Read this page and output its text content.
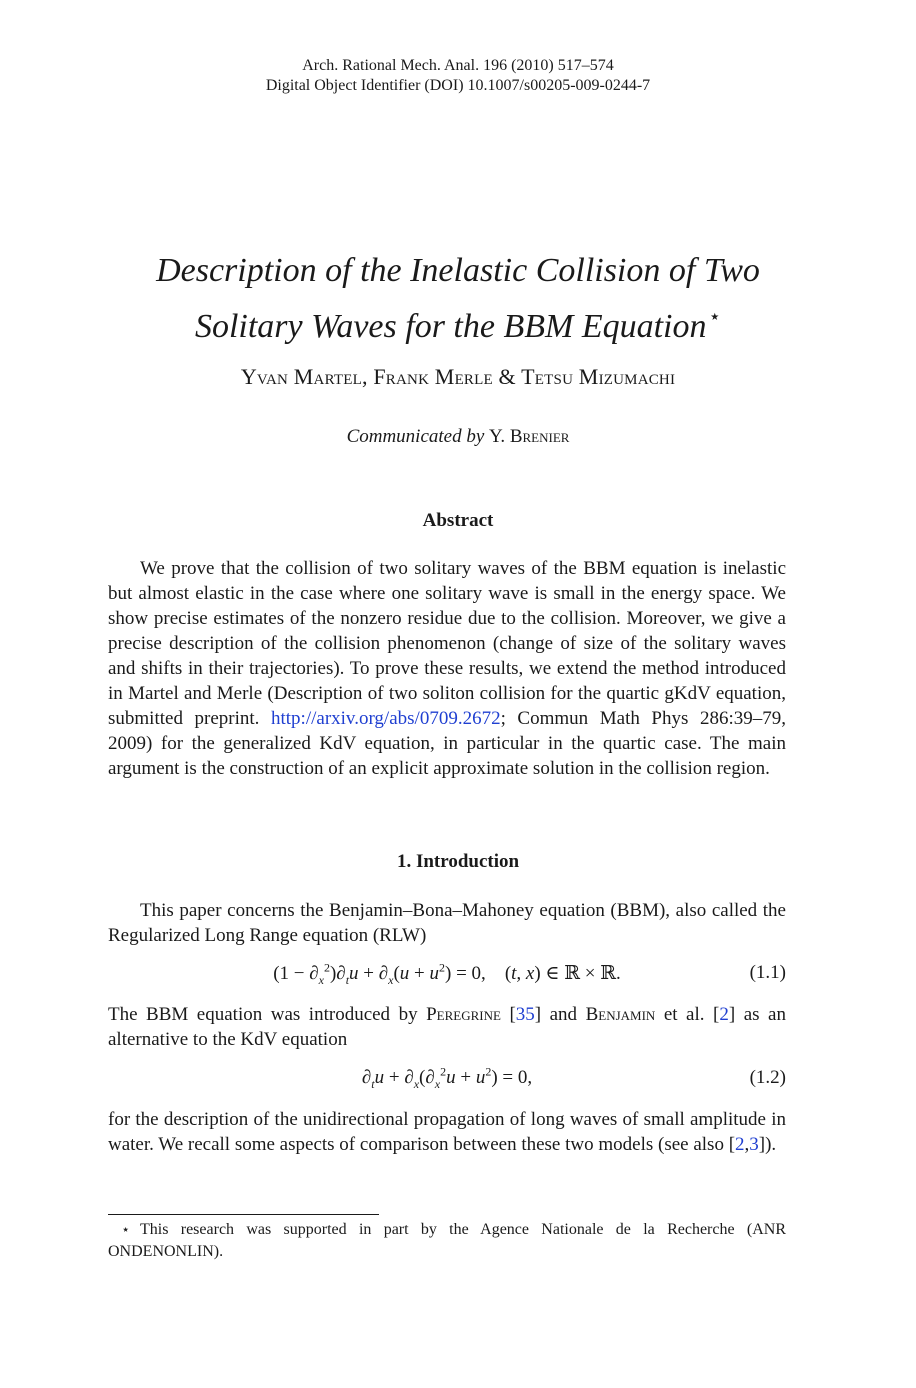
Arch. Rational Mech. Anal. 196 (2010) 517–574
Digital Object Identifier (DOI) 10.1007/s00205-009-0244-7
Description of the Inelastic Collision of Two
Solitary Waves for the BBM Equation ⋆
Yvan Martel, Frank Merle & Tetsu Mizumachi
Communicated by Y. Brenier
Abstract

We prove that the collision of two solitary waves of the BBM equation is inelastic but almost elastic in the case where one solitary wave is small in the energy space. We show precise estimates of the nonzero residue due to the collision. Moreover, we give a precise description of the collision phenomenon (change of size of the solitary waves and shifts in their trajectories). To prove these results, we extend the method introduced in Martel and Merle (Description of two soliton collision for the quartic gKdV equation, submitted preprint. http://arxiv.org/abs/0709.2672; Commun Math Phys 286:39–79, 2009) for the generalized KdV equation, in particular in the quartic case. The main argument is the construction of an explicit approximate solution in the collision region.

1. Introduction

This paper concerns the Benjamin–Bona–Mahoney equation (BBM), also called the Regularized Long Range equation (RLW)

$(1 - \partial_x^2)\partial_tu + \partial_x(u + u^2) = 0$, (t, x) ∈ ℝ × ℝ.	(1.1)

The BBM equation was introduced by Peregrine [35] and Benjamin et al. [2] as an alternative to the KdV equation

$\partial_tu + \partial_x(\partial_x^2u + u^2) = 0$,	(1.2)

for the description of the unidirectional propagation of long waves of small amplitude in water. We recall some aspects of comparison between these two models (see also [2,3]).

⋆ This research was supported in part by the Agence Nationale de la Recherche (ANR ONDENONLIN).
